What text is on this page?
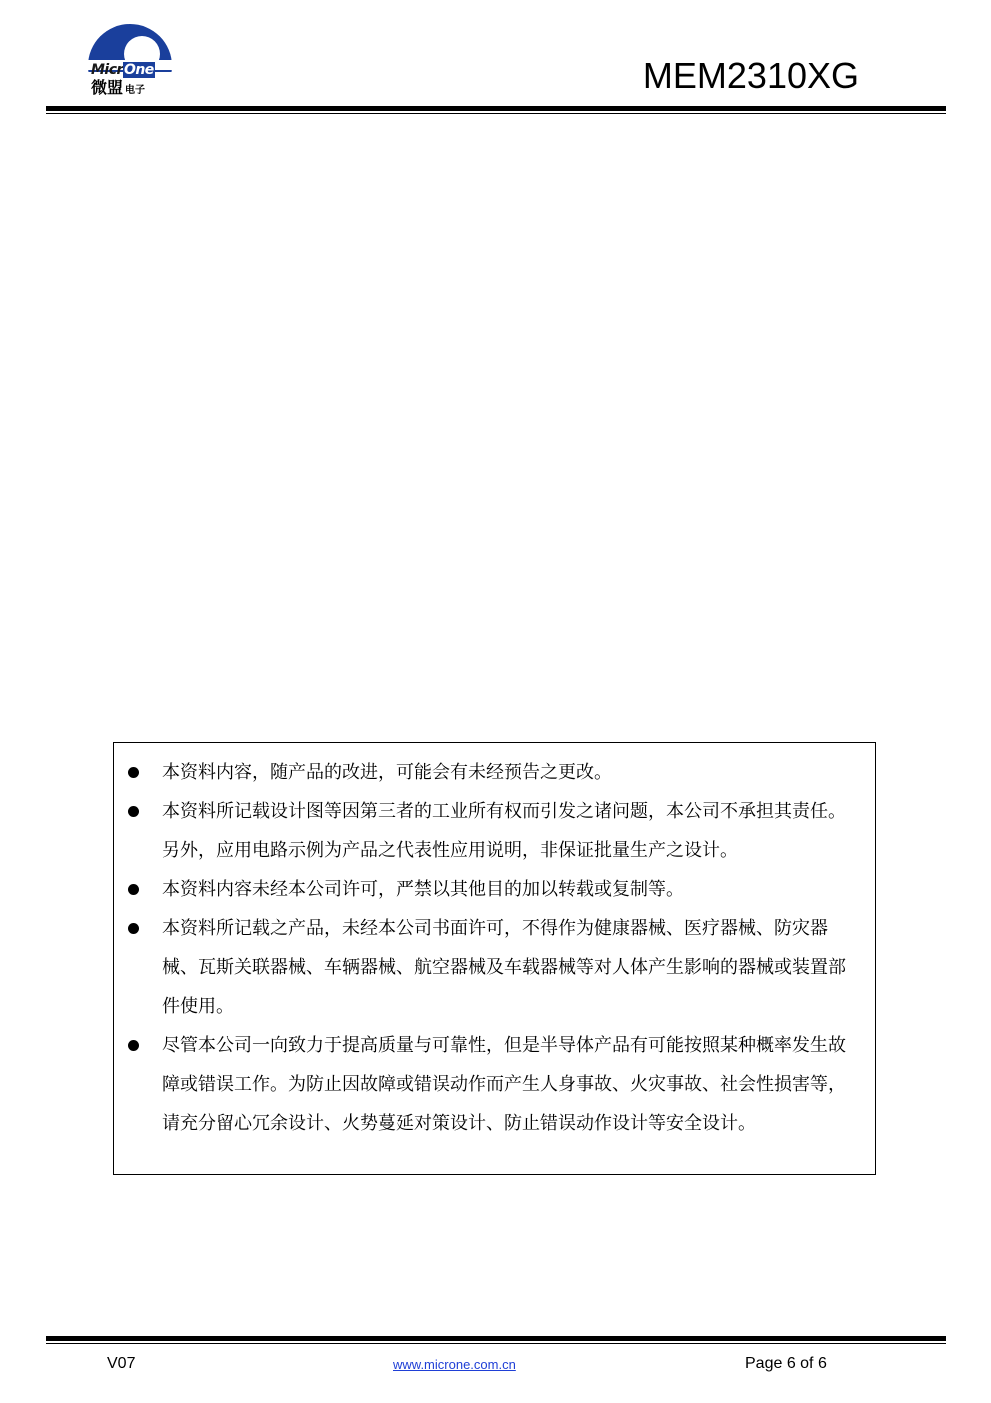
MicrOne
微盟 电子	MEM2310XG
本资料内容，随产品的改进，可能会有未经预告之更改。
本资料所记载设计图等因第三者的工业所有权而引发之诸问题，本公司不承担其责任。另外，应用电路示例为产品之代表性应用说明，非保证批量生产之设计。
本资料内容未经本公司许可，严禁以其他目的加以转载或复制等。
本资料所记载之产品，未经本公司书面许可，不得作为健康器械、医疗器械、防灾器械、瓦斯关联器械、车辆器械、航空器械及车载器械等对人体产生影响的器械或装置部件使用。
尽管本公司一向致力于提高质量与可靠性，但是半导体产品有可能按照某种概率发生故障或错误工作。为防止因故障或错误动作而产生人身事故、火灾事故、社会性损害等，请充分留心冗余设计、火势蔓延对策设计、防止错误动作设计等安全设计。
V07	www.microne.com.cn	Page 6 of 6
